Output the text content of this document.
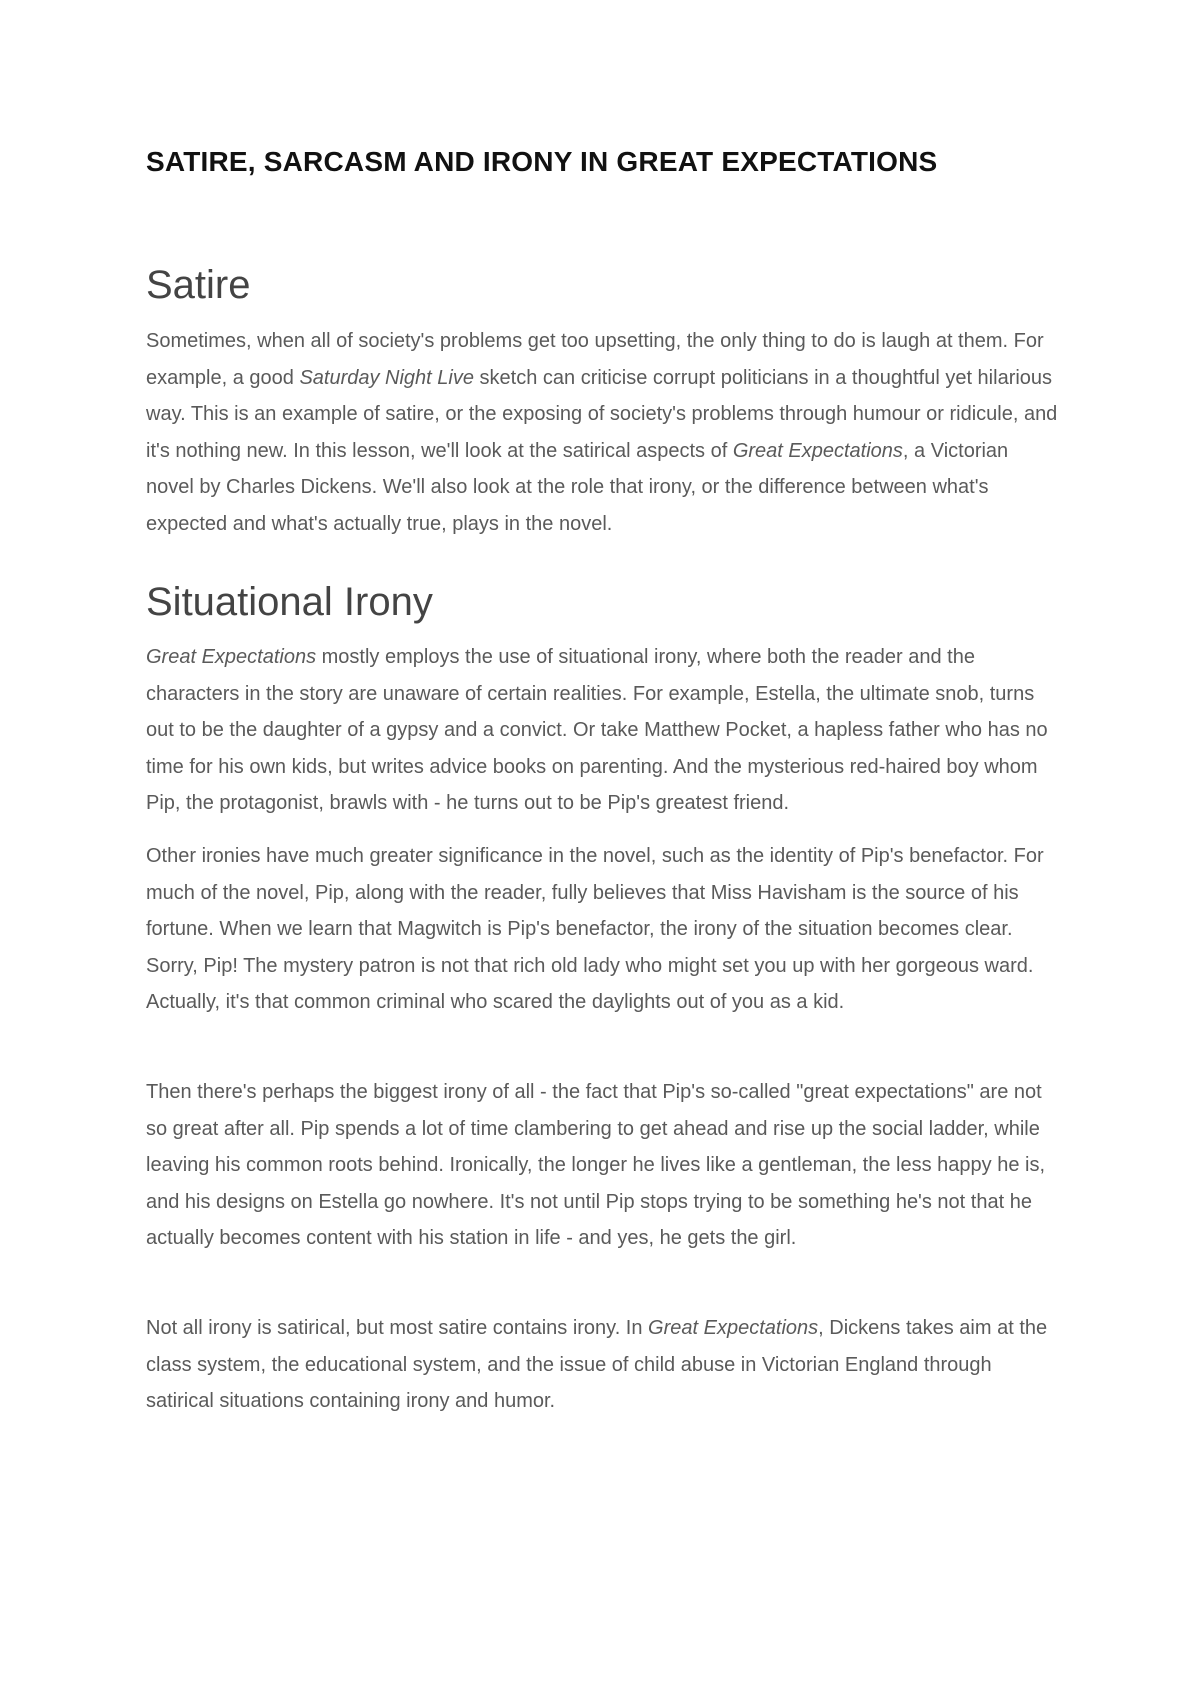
SATIRE, SARCASM AND IRONY IN GREAT EXPECTATIONS
Satire

Sometimes, when all of society's problems get too upsetting, the only thing to do is laugh at them. For example, a good Saturday Night Live sketch can criticise corrupt politicians in a thoughtful yet hilarious way. This is an example of satire, or the exposing of society's problems through humour or ridicule, and it's nothing new. In this lesson, we'll look at the satirical aspects of Great Expectations, a Victorian novel by Charles Dickens. We'll also look at the role that irony, or the difference between what's expected and what's actually true, plays in the novel.

Situational Irony

Great Expectations mostly employs the use of situational irony, where both the reader and the characters in the story are unaware of certain realities. For example, Estella, the ultimate snob, turns out to be the daughter of a gypsy and a convict. Or take Matthew Pocket, a hapless father who has no time for his own kids, but writes advice books on parenting. And the mysterious red-haired boy whom Pip, the protagonist, brawls with - he turns out to be Pip's greatest friend.

Other ironies have much greater significance in the novel, such as the identity of Pip's benefactor. For much of the novel, Pip, along with the reader, fully believes that Miss Havisham is the source of his fortune. When we learn that Magwitch is Pip's benefactor, the irony of the situation becomes clear. Sorry, Pip! The mystery patron is not that rich old lady who might set you up with her gorgeous ward. Actually, it's that common criminal who scared the daylights out of you as a kid.

Then there's perhaps the biggest irony of all - the fact that Pip's so-called "great expectations" are not so great after all. Pip spends a lot of time clambering to get ahead and rise up the social ladder, while leaving his common roots behind. Ironically, the longer he lives like a gentleman, the less happy he is, and his designs on Estella go nowhere. It's not until Pip stops trying to be something he's not that he actually becomes content with his station in life - and yes, he gets the girl.

Not all irony is satirical, but most satire contains irony. In Great Expectations, Dickens takes aim at the class system, the educational system, and the issue of child abuse in Victorian England through satirical situations containing irony and humor.
